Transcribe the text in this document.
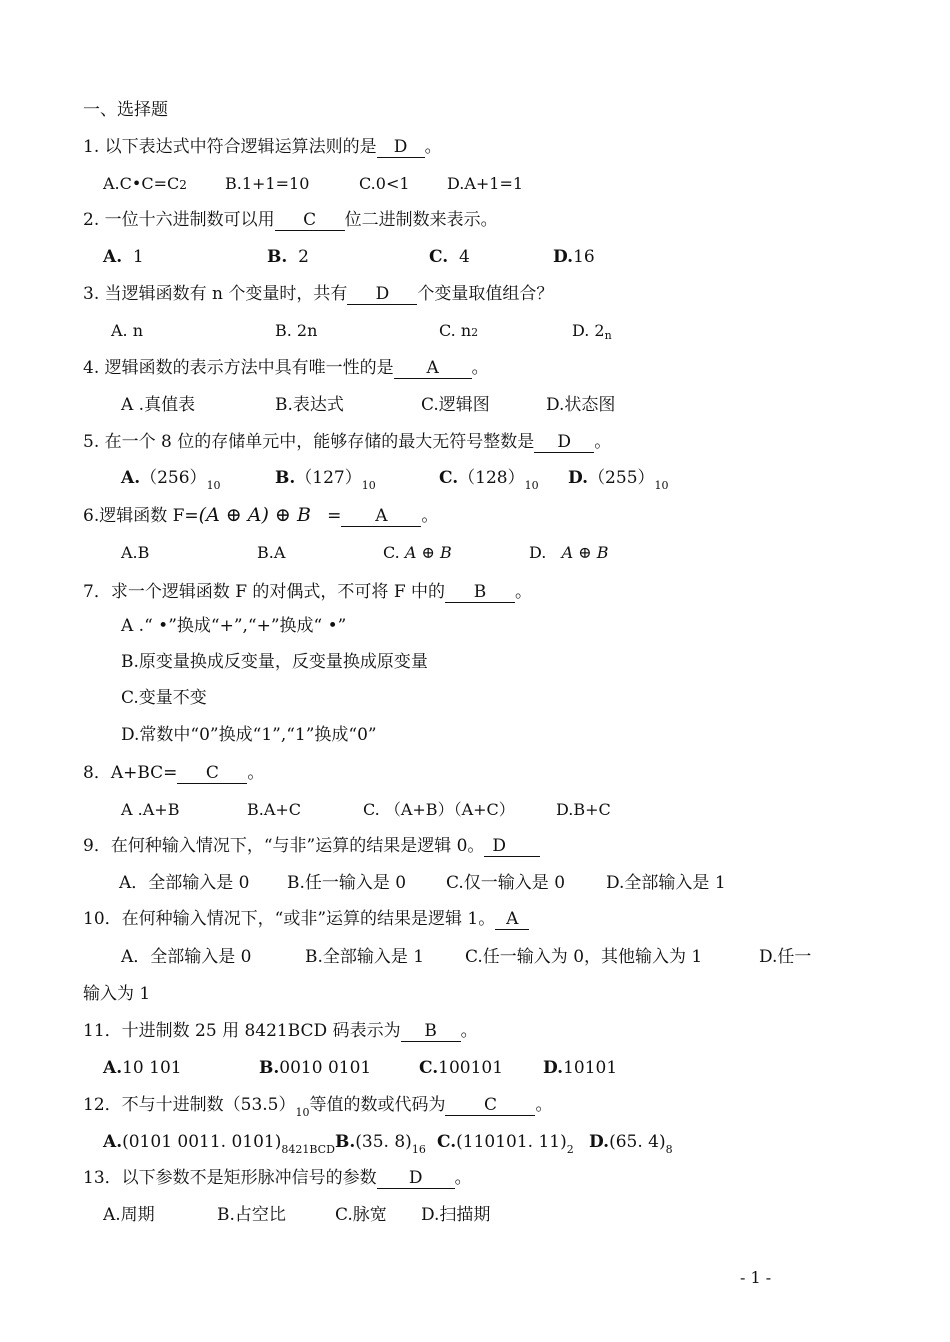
一、选择题
1. 以下表达式中符合逻辑运算法则的是 D 。
A.C•C=C2 B.1+1=10	C.0<1 D.A+1=1
2. 一位十六进制数可以用 C 位二进制数来表示。
A. 1	B. 2	C. 4	D.16
3. 当逻辑函数有 n 个变量时，共有 D 个变量取值组合？
A. n	B. 2n	C. n2	D. 2n
4. 逻辑函数的表示方法中具有唯一性的是 A 。
A .真值表	B.表达式	C.逻辑图	D.状态图
5. 在一个 8 位的存储单元中，能够存储的最大无符号整数是 D 。
$A.(256)_{10}$	$B.(127)_{10}$	$C.(128)_{10}$ $D.(255)_{10}$
6.逻辑函数 F=(A ⊕ A) ⊕ B = A 。
A.B	B.A	C. A ⊕ B	D. A ⊕ B
7．求一个逻辑函数 F 的对偶式，不可将 F 中的 B 。
A .“ •”换成“+”,“+”换成“ •”
B.原变量换成反变量，反变量换成原变量
C.变量不变
D.常数中“0”换成“1”,“1”换成“0”
8．A+BC= C 。
A .A+B	B.A+C	C. （A+B）（A+C）	D.B+C
9．在何种输入情况下，“与非”运算的结果是逻辑 0。 D
A．全部输入是 0 B.任一输入是 0 C.仅一输入是 0 D.全部输入是 1
10．在何种输入情况下，“或非”运算的结果是逻辑 1。 A
A．全部输入是 0	B.全部输入是 1 C.任一输入为 0，其他输入为 1	D.任一
输入为 1
11．十进制数 25 用 8421BCD 码表示为 B 。
A.10 101	B.0010 0101	C.100101 D.10101
12．不与十进制数$(53.5)_{10}$等值的数或代码为 C 。
A.(0101 0011. $0101)_{8421BCD}$ B.(35. $8)_{16}$ C.(110101. $11)_2$ D.(65. $4)_8$
13．以下参数不是矩形脉冲信号的参数 D 。
A.周期	B.占空比	C.脉宽 D.扫描期
- 1 -
